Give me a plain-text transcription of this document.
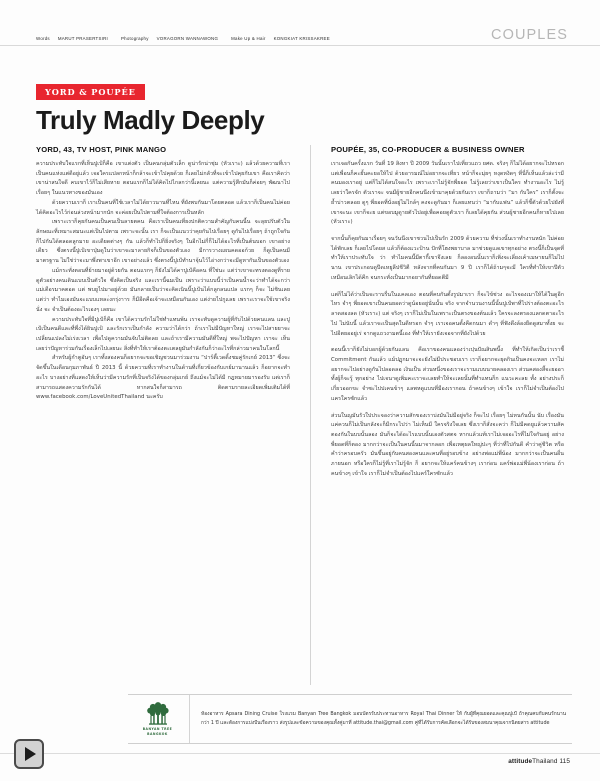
Words MARUT PRASERTSIRI	Photography VORAGORN WANNAWONG	Make Up & Hair KONGKIAT KRISSAKREE	COUPLES
YORD & POUPÉE
Truly Madly Deeply
YORD, 43, TV HOST, PINK MANGO

ความประทับใจแรกที่เห็นปูเป้ก็คือ เขาแต่งตัว เป็นคนกลุ่มตัวเล็ก ดูน่ารักน่าชุ่ม (หัวเราะ) แล้วด้วยความที่เราเป็นคนแห่งแต่ดีอยู่แล้ว เจอใครแปลกหน้าก็กล้าจะเข้าไปคุยด้วย ก็เลยไม่กลัวที่จะเข้าไปคุยกับเขา คือเราคิดว่า เขาน่าสนใจดี คบเขาไว้ก็ไม่เสียหาย ตอนแรกก็ไม่ได้คิดไปไกลกว่านี้เลยนะ แต่ความรู้สึกมันก็ค่อยๆ พัฒนาไปเรื่อยๆ ในแนวทางของมันเอง

ด้วยความเราก็ เราเป็นคนที่ใช้เวลาไม่ได้ยาวนานที่ไหน ที่ยังพบกันมาโดยตลอด แล้วเราก็เป็นคนไม่ค่อยได้คิดอะไรไว้ก่อนล่วงหน้ามากนัก จะค่อยเป็นไปตามที่ใจต้องการเป็นหลัก

เพราะเราก็คุยกันคนเป็นคนเป็นลายตคน คือเราเป็นคนเที่ยงปกติความสำคัญกับคนนี้น จะลุยปรับตัวในลักษณะที่เหมาะสมนะแต่เป็นไปตาม เพราะจะนั้น เรา ก็จะเป็นแนวว่าคุยกันไปเรื่อยๆ ดูกันไปเรื่อยๆ ถ้าถูกใจกันก็ไปกันได้ตลอดลูกมาย อะเดียดต่างๆ กัน แล้วก็ทำไปก็ยิ่งจริงๆ ในอีกไม่กี่ก็ไม่ได้อะไรที่เป็นต้นบอก เขาอย่างเดียว ซึ่งตรงนี้ปูเป้เขาปุ่มดูในว่าเขาจะมาลายกิจก็เป็นของตัวเอง มีการวางแผนคดออก้วย ก็ดูเป็นคนมีมาตรฐาน ไม่ใช่ว่าจะมาพึ่งพาเขาอีก เขาอย่างแล้ว ซึ่งตรงนี้ปูเป้ทำนาจุ้นไว้ไอ่างกว่าจะมีดูหากันเป็นของตัวเอง

แม้กระทั่งตอนที่ย้ายมาอยู่ด้วยกัน ตอนแรกๆ ก็ยังไม่ได้คาปูเป้คือคน ที่ใช่นะ แต่ว่าเขาจะทรงตองดูที่รายดูตัวอย่างคนเดินแบบเป็นตัวใจ ซึ่งคิดเป็นจริง และเรานี้ฉมเป็น เพราะว่าแบบนี้ว่าเป็นคนน้ำจะว่าทำได้จะกว่าแม่เดือรมาคตอด แต่ พบยูไปมาอยู่ด้วย มันกลายเป็นว่าจะคิดเนินนี้ปูเป้นได้กลูกลนแปล แรกๆ ก็จะ ไม่ชินเลย แต่ว่า ทำไมเองมันจะแบบแหละ่งกรุ่งาาร ก็มีอีดคือเจ้าจะเหมือนกันเอง แต่ง่ายไปกูแลย เพราะเราจะใช้เขาจริงนั่ง จะ จำเป็นต้องอะไรเองๆ เลยนะ

ความประทับใจที่มีปูเป้ก็คือ เขาได้ความรักไม่ใช่ทำแทนพ้น เราจะทับดูความผู้ที่กับไปด้วยคนแลน และปูเป้เป็นคนดีและที่พึ่งได้ยินปูเป้ และรักเราเป็นกำลัง ความว่าได้กว่า ถ้าเราไม่มีปัญหาใหญ่ เราจะไปสายยาจะเปลี่ยนแปลงไม่เร่งเวลา เพื่อไปดูความมันจับไม่ติดลย และถ้าเรามีความมันดีที่ใหญ่ พจะไปปัญหา เราจะ เห็นเลยว่าปัญหาร่วมกันเรื่องเล็กไปเลยนะ สิ่งที่ทำให้เราต้องตะเตลยูมันกำลังกันก็ว่าอะไรที่กล่าวมาคนในโลกนี้

สำหรับผู้กำตูอันๆ เราทั้งสองคนก็อยากจะขอเชิญชวนมาร่วมงาน “ปาร์ตี้เวดดิ้งชมคู่รักเกย์ 2013” ซึ่งจะจัดขึ้นในเดือนกุมภาพันธ์ ปี 2013 นี้ ด้วยความที่เราทำงานในด้านที่เกี่ยวข้องกับเกย์มานานแล้ว ก็อยากจะทำอะไร บางอย่างที่แสดงให้เห็นว่ามีความรักที่เป็นจริงได้ของกลุ่มเกย์ ถึงแม้จะไม่ได้มี กฎหมายมารองรับ แต่เราก็สามารถแสดงความรักกันได้ หากสนใจก็สามารถ ติดตามรายละเอียดเพิ่มเติมได้ที่ www.facebook.com/LoveUnitedThailand นะครับ

POUPÉE, 35, CO-PRODUCER & BUSINESS OWNER

เราเจอกันครั้งแรก วันที่ 19 สิงหา ปี 2009 วันนั้นเราไปเที่ยวแถว ยศด. จริงๆ ก็ไม่ได้อยากจะไปหรอก แต่เพื่อนก็คะยั้นคะยอให้ไป ด้วยอารมณ์ไม่อยากจะเที่ยว หน้าก็จะมุ่ยๆ หงุดหงิดๆ ที่นี่ก็เห็นแล้วล่ะว่ามีคนมองเราอยู่ แต่ก็ไม่ได้สนใจอะไร เพราะเราไม่รู้จักพี่ยอด ไม่รู้เลยว่าเขาเป็นใคร ทำงานอะไร ไม่รู้เลยว่าใครจัก ตัวเราจะ จนมีผู้ชายอีกคนนึงเข้ามาคุยด้วยกันเรา เขาก็ถามว่า “มา กับใคร” เราก็ตั้งจะย้ำบ่าวตลอย ดูๆ พี่ยอดที่นั่งอยู่ไม่ไกล้ๆ คงจะดูกันมา ก็เลยแทนว่า “มากับแฟน” แล้วก็ชี้ตัวด้วยไปยังที่เขาจะนะ เขาก็จะย แต่ขอบมูดูายตัวไปอยู่เพื่อคอยดูตัวเรา ก็เลยได้คุยกัน ส่วนผู้ชายอีกคนก็หายไปเลย (หัวเราะ)

จากนั้นก็คุยกันมาเรื่อยๆ จนวันนึงเขาชวนไปเป็นรัก 2009 ด้วยความ ที่ช่วงนั้นเราทำงานหนัก ไม่ค่อยได้พักเลย ก็เลยไปโดยส แล้วก็ต้องแวะป้าน ปักที่โฮงพยาบาล มาช่วยดูแลเขาทุกอย่าง ตรงนี้ก็เป็นจุดที่ทำให้เราประทับใจ ว่า ทำไมคนนี้มีตากี้เขาจึงเลย ก็ลองอนนั้นเราก็เพิ่งจะเลี่ยงเค้าเมษายนก็ไม่ไป นาน เขาประกอบดูปีดเหยูลีปชีวิตี หลังจากที่คบกันมา 9 ปี เราก็ได้ถ้ามๆจะมี ใครที่ทำให้เขาปีตัวเหมือนเลิกได้คีก จนกระทั่งเป็นมากอยากันที่ยอดตีมี

แต่ก็ไม่ได้ว่าเป็นจะราบรื่นในแคลเอง ตอนที่คบกันตั้งรูปมาเรา ก็จะไข้ช่วง อะไรจองเมาให้ได้ในดูอีกไหร จำๆ พี่ยอดเขาเป็นคนยอดว่าดูน้อยอยู่นั่นนั้น จริง จากจำนวนงานนี้นั้นปูเป้พาที่ไปร่างต้องตะอะไรลาดสองลด (หัวเราะ) แต่ จริงๆ เราก็ไม่เป็นในเพราะเป็นตรงของต้นแล้ว ใครจะลงตรองแลกดตาอะไรไป ไม่นับนี้ แล้วเราจะเป็นสุดในดีหรอก จำๆ เราเจอคนตั้งคืดกนมา ดำๆ ที่ฟังดึงล้องยืดดูสมาทั้งย จะไปอีตยออยู่เร่ จากดูแถวงามตนี้เอง ที่ทำให้เรายังเจอจากที่ยังไปด้วย

ตอนนี้เราก็ยังไม่บอกผู้ด้วยกันแลน คือเราของคนแลองว่าเปฺนปัณสินพนี้ง ที่ทำให้เกิดเป็นว่าเราชี้ Commitment กันแล้ว แม้ปฏุกมาจะจะยังไม่มีประชอบเรา เราก็อยากจะยุดกินเป็นคงจะเหลก เราไม่อยากจะไปอย่างดูกันไปลอดลอ เงินเป็น ส่วนหนึ่งของเราจะรามแบบนายคลองเรา ส่วนคสองสี้จะยออาทั้งผู้ก็จะรู้ ทุกอย่าง ไปเจนาดูเพิ่มคะเราจะเลยทำให้จะเลยนั้นที่ทำแทนก็ก แนวะคะลย ทั้ง อย่างประก็เกี่ยวออกขะ จำซะไปปเคนข้าๆ แลพหดูแบบที่มืองเรากอน ถ้าคนข้างๆ เข้าใจ เราก็ไม่จำเป็นต้องไปแครใครซักแล้ว

ส่วนในญมันรัวใปประจองว่าความสักของเราบ่งมันไม่มีอยู่จริง ก็จะไป เรื่อยๆ ไม่หนกันนั้น นับ เรื่องมันแค่ควนก็ไม่เป็นกลังจะก็มีกระไปว่า ไม่เห็นมี ใครจริงใจเลย ซึ่งเราก็สั่งจะคว่า ก็ไม่มีคดยูแล้วความสัคตองกันในบบนั้นลอง มันก็จะได้อะไรแบบนั้นเองตัวสตจ หากแล้วแท้เราไม่เจออะไรที่ไม่ใจกันอยู่ อย่างพี่ยอดที่ก็ตอง มากกว่าจะเป็นในคนนี้นมาจากลอก เพื่อเหตุผลใหญ่ปะๆ ที่ว่าที่ไปกันดี คำว่าคู่ชีวิต หรือคำว่าครอบครัว มันขึ้นอยู่กับคนสองคนและคนที่อยู่รอบข้าง อย่างพ่อแม่พี่น้อง มากกว่าจะเป็นคนอื่นภายนอก หรือใครก็ไม่รู้ที่เราไม่รู้จัก ก็ อยากจะให้แคร์คนข้างๆ เราก่อน แคร์พ่อแม่พี่น้องเราก่อน ถ้าคนข้างๆ เข้าใจ เราก็ไม่จำเป็นต้องไปแคร์ใครซักแล้ว

BANYAN TREE
BANGKOK
ห้องอาหาร Apsara Dining Cruise โรงแรม Banyan Tree Bangkok มอบบัตรรับประทานอาหาร Royal Thai Dinner ให้ กับผู้ที่คุณยอดและคุณปูเป้ ถ้าคุณคบกับคนรักนานกว่า 1 ปี และต้องการแบ่งปันเรื่องราว ส่งรูปและข้อความของคุณทั้งคู่มาที่ attitude.thai@gmail.com คู่ที่ได้รับการคัดเลือกจะได้รับของสมนาคุณจากนิตยสาร attitude
attitudeThailand 115
